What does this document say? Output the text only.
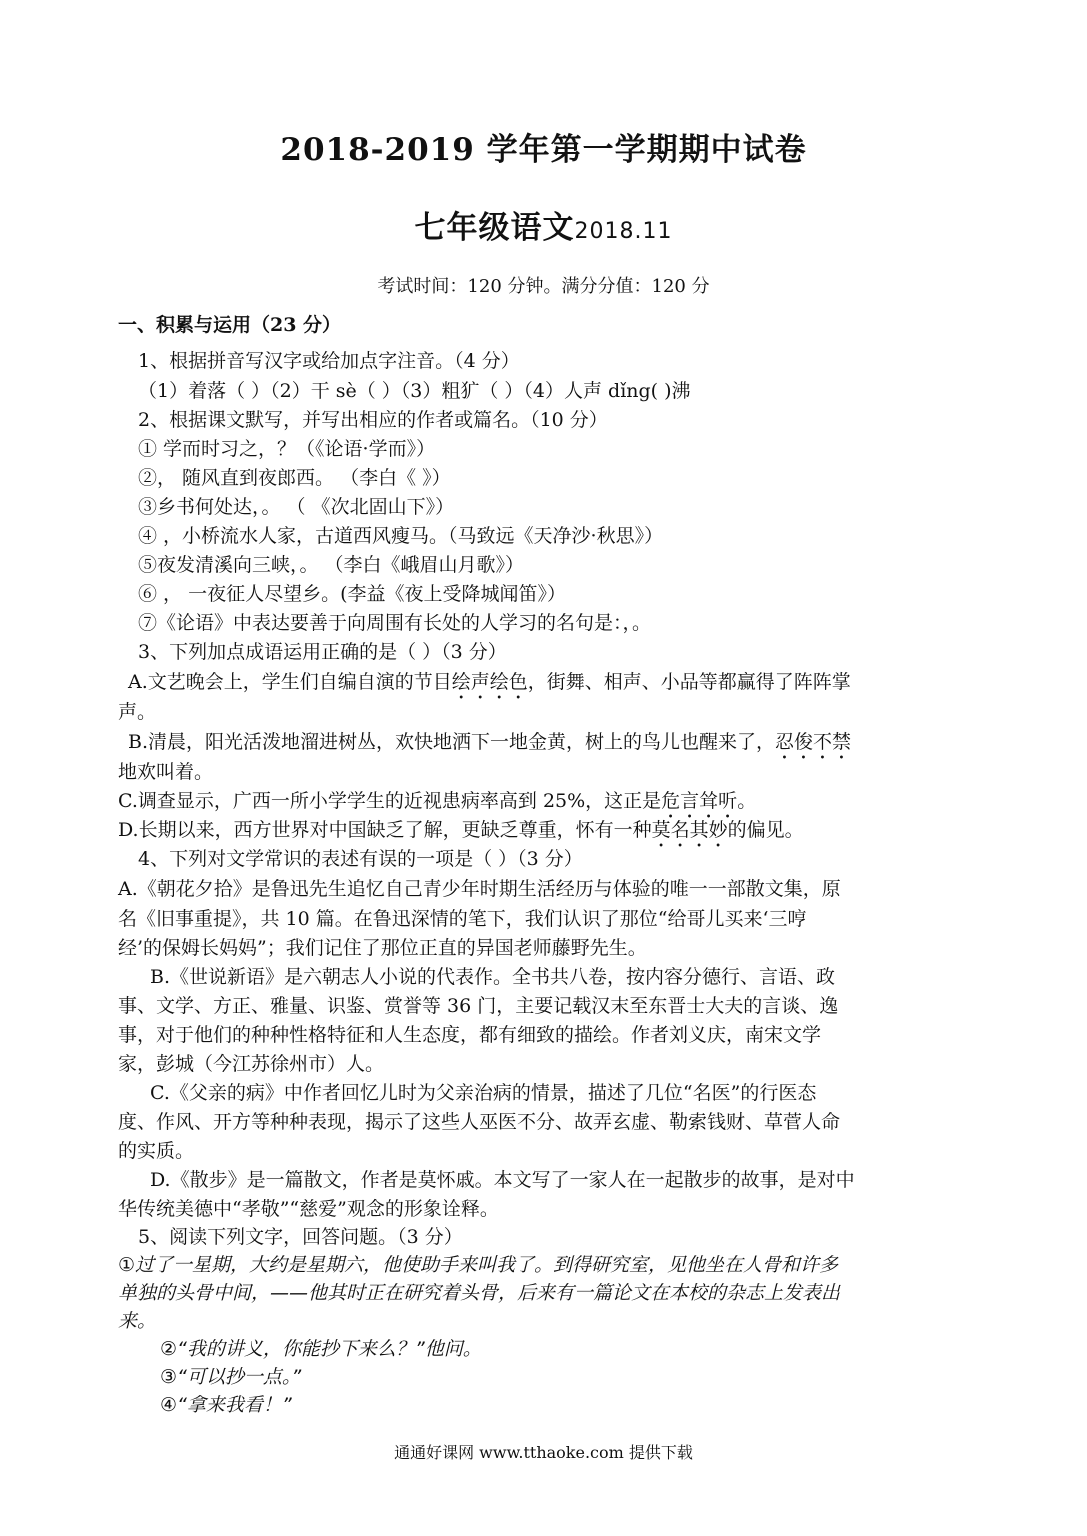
2018-2019 学年第一学期期中试卷
七年级语文2018.11
考试时间：120 分钟。满分分值：120 分
一、积累与运用（23 分）
1、根据拼音写汉字或给加点字注音。（4 分）
（1）着落（ ）（2）干 sè（ ）（3）粗犷（ ）（4）人声 dǐng( )沸
2、根据课文默写，并写出相应的作者或篇名。（10 分）
① 学而时习之，？（《论语·学而》）
②， 随风直到夜郎西。 （李白《 》）
③乡书何处达，。 （ 《次北固山下》）
④ ，小桥流水人家，古道西风瘦马。（马致远《天净沙·秋思》）
⑤夜发清溪向三峡，。 （李白《峨眉山月歌》）
⑥ ， 一夜征人尽望乡。(李益《夜上受降城闻笛》）
⑦《论语》中表达要善于向周围有长处的人学习的名句是：，。
3、下列加点成语运用正确的是（ ）（3 分）
A.文艺晚会上，学生们自编自演的节目绘声绘色，街舞、相声、小品等都赢得了阵阵掌
声。
B.清晨，阳光活泼地溜进树丛，欢快地洒下一地金黄，树上的鸟儿也醒来了，忍俊不禁
地欢叫着。
C.调查显示，广西一所小学学生的近视患病率高到 25%，这正是危言耸听。
D.长期以来，西方世界对中国缺乏了解，更缺乏尊重，怀有一种莫名其妙的偏见。
4、下列对文学常识的表述有误的一项是（ ）（3 分）
A.《朝花夕拾》是鲁迅先生追忆自己青少年时期生活经历与体验的唯一一部散文集，原
名《旧事重提》，共 10 篇。在鲁迅深情的笔下，我们认识了那位“给哥儿买来‘三哼
经’的保姆长妈妈”；我们记住了那位正直的异国老师藤野先生。
B.《世说新语》是六朝志人小说的代表作。全书共八卷，按内容分德行、言语、政
事、文学、方正、雅量、识鉴、赏誉等 36 门，主要记载汉末至东晋士大夫的言谈、逸
事，对于他们的种种性格特征和人生态度，都有细致的描绘。作者刘义庆，南宋文学
家，彭城（今江苏徐州市）人。
C.《父亲的病》中作者回忆儿时为父亲治病的情景，描述了几位“名医”的行医态
度、作风、开方等种种表现，揭示了这些人巫医不分、故弄玄虚、勒索钱财、草菅人命
的实质。
D.《散步》是一篇散文，作者是莫怀戚。本文写了一家人在一起散步的故事，是对中
华传统美德中“孝敬”“慈爱”观念的形象诠释。
5、阅读下列文字，回答问题。（3 分）
①过了一星期，大约是星期六，他使助手来叫我了。到得研究室，见他坐在人骨和许多
单独的头骨中间，——他其时正在研究着头骨，后来有一篇论文在本校的杂志上发表出
来。
②“我的讲义，你能抄下来么？”他问。
③“可以抄一点。”
④“拿来我看！”
通通好课网 www.tthaoke.com 提供下载
